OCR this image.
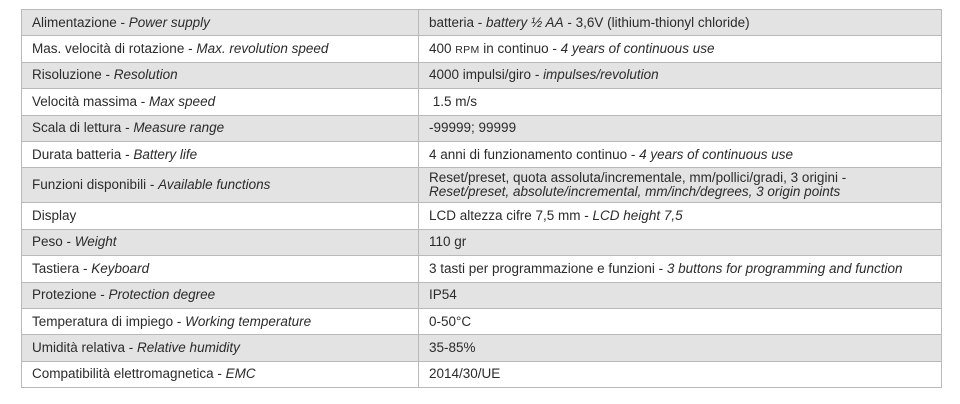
Alimentazione - Power supply	batteria - battery ½ AA - 3,6V (lithium-thionyl chloride)
Mas. velocità di rotazione - Max. revolution speed	400 RPM in continuo - 4 years of continuous use
Risoluzione - Resolution	4000 impulsi/giro - impulses/revolution
Velocità massima - Max speed	1.5 m/s
Scala di lettura - Measure range	-99999; 99999
Durata batteria - Battery life	4 anni di funzionamento continuo - 4 years of continuous use
Funzioni disponibili - Available functions	Reset/preset, quota assoluta/incrementale, mm/pollici/gradi, 3 origini -
Reset/preset, absolute/incremental, mm/inch/degrees, 3 origin points
Display	LCD altezza cifre 7,5 mm - LCD height 7,5
Peso - Weight	110 gr
Tastiera - Keyboard	3 tasti per programmazione e funzioni - 3 buttons for programming and function
Protezione - Protection degree	IP54
Temperatura di impiego - Working temperature	0-50°C
Umidità relativa - Relative humidity	35-85%
Compatibilità elettromagnetica - EMC	2014/30/UE
